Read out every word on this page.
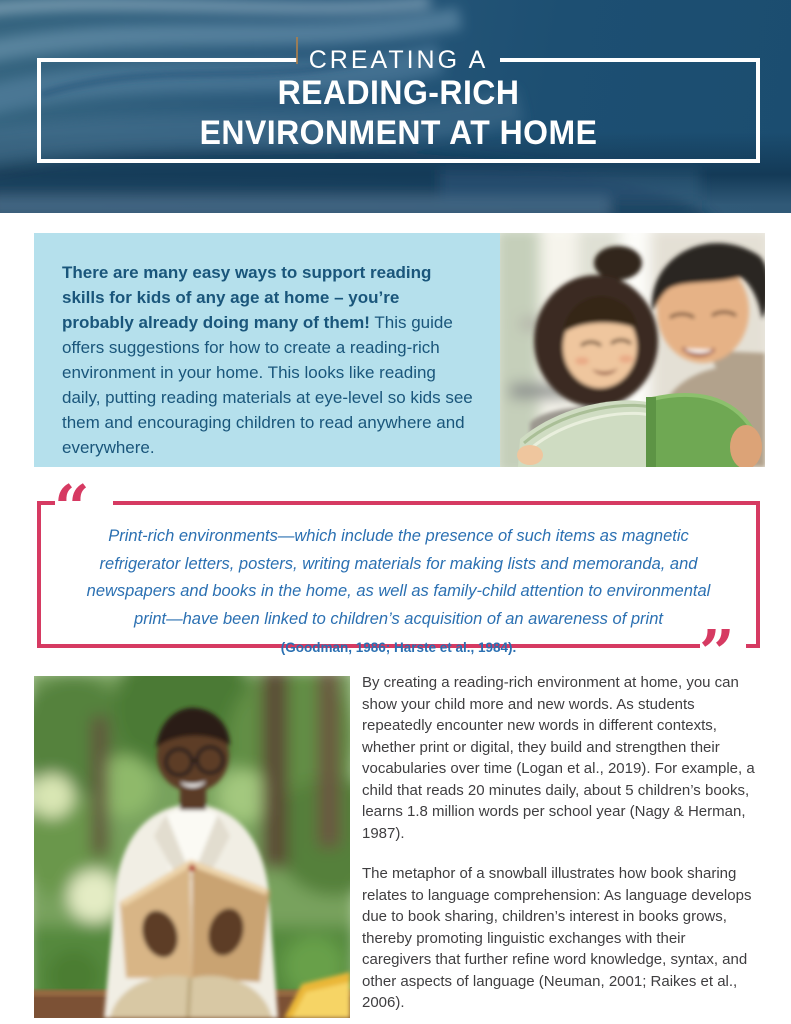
CREATING A
READING-RICH
ENVIRONMENT AT HOME

There are many easy ways to support reading skills for kids of any age at home – you’re probably already doing many of them! This guide offers suggestions for how to create a reading-rich environment in your home. This looks like reading daily, putting reading materials at eye-level so kids see them and encouraging children to read anywhere and everywhere.

“
”

Print-rich environments—which include the presence of such items as magnetic refrigerator letters, posters, writing materials for making lists and memoranda, and newspapers and books in the home, as well as family-child attention to environmental print—have been linked to children’s acquisition of an awareness of print
(Goodman, 1986; Harste et al., 1984).

By creating a reading-rich environment at home, you can show your child more and new words. As students repeatedly encounter new words in different contexts, whether print or digital, they build and strengthen their vocabularies over time (Logan et al., 2019). For example, a child that reads 20 minutes daily, about 5 children’s books, learns 1.8 million words per school year (Nagy & Herman, 1987).

The metaphor of a snowball illustrates how book sharing relates to language comprehension: As language develops due to book sharing, children’s interest in books grows, thereby promoting linguistic exchanges with their caregivers that further refine word knowledge, syntax, and other aspects of language (Neuman, 2001; Raikes et al., 2006).
